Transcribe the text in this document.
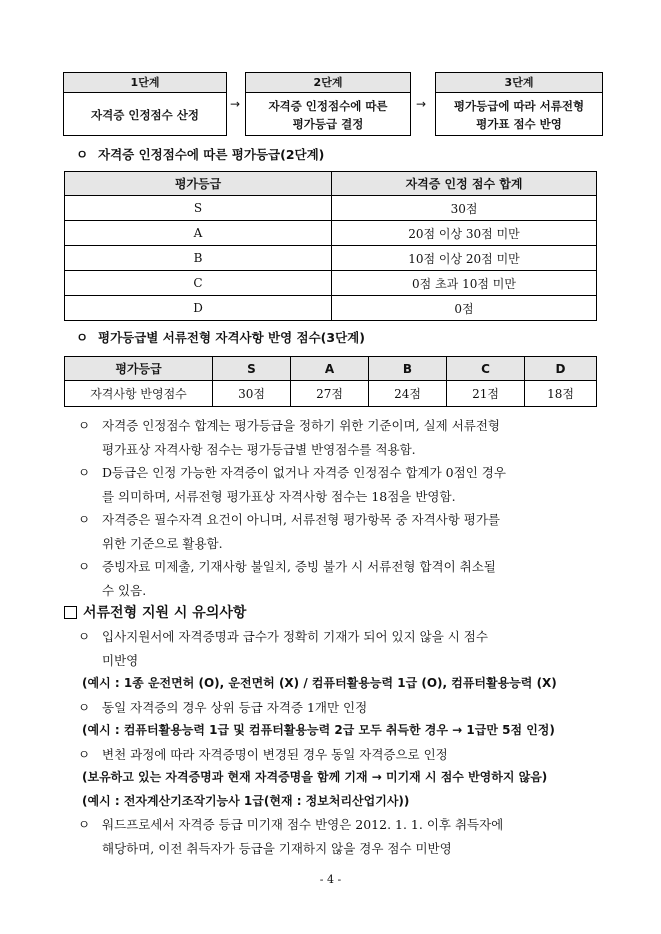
1단계
자격증 인정점수 산정
→
2단계
자격증 인정점수에 따른
평가등급 결정
→
3단계
평가등급에 따라 서류전형
평가표 점수 반영
ㅇ 자격증 인정점수에 따른 평가등급(2단계)
평가등급	자격증 인정 점수 합계
S	30점
A	20점 이상 30점 미만
B	10점 이상 20점 미만
C	0점 초과 10점 미만
D	0점
ㅇ 평가등급별 서류전형 자격사항 반영 점수(3단계)
평가등급	S	A	B	C	D
자격사항 반영점수	30점	27점	24점	21점	18점
ㅇ 자격증 인정점수 합계는 평가등급을 정하기 위한 기준이며, 실제 서류전형
평가표상 자격사항 점수는 평가등급별 반영점수를 적용함.
ㅇ D등급은 인정 가능한 자격증이 없거나 자격증 인정점수 합계가 0점인 경우
를 의미하며, 서류전형 평가표상 자격사항 점수는 18점을 반영함.
ㅇ 자격증은 필수자격 요건이 아니며, 서류전형 평가항목 중 자격사항 평가를
위한 기준으로 활용함.
ㅇ 증빙자료 미제출, 기재사항 불일치, 증빙 불가 시 서류전형 합격이 취소될
수 있음.
서류전형 지원 시 유의사항
ㅇ 입사지원서에 자격증명과 급수가 정확히 기재가 되어 있지 않을 시 점수
미반영
(예시 : 1종 운전면허 (O), 운전면허 (X) / 컴퓨터활용능력 1급 (O), 컴퓨터활용능력 (X)
ㅇ 동일 자격증의 경우 상위 등급 자격증 1개만 인정
(예시 : 컴퓨터활용능력 1급 및 컴퓨터활용능력 2급 모두 취득한 경우 → 1급만 5점 인정)
ㅇ 변천 과정에 따라 자격증명이 변경된 경우 동일 자격증으로 인정
(보유하고 있는 자격증명과 현재 자격증명을 함께 기재 → 미기재 시 점수 반영하지 않음)
(예시 : 전자계산기조작기능사 1급(현재 : 정보처리산업기사))
ㅇ 워드프로세서 자격증 등급 미기재 점수 반영은 2012. 1. 1. 이후 취득자에
해당하며, 이전 취득자가 등급을 기재하지 않을 경우 점수 미반영
- 4 -
